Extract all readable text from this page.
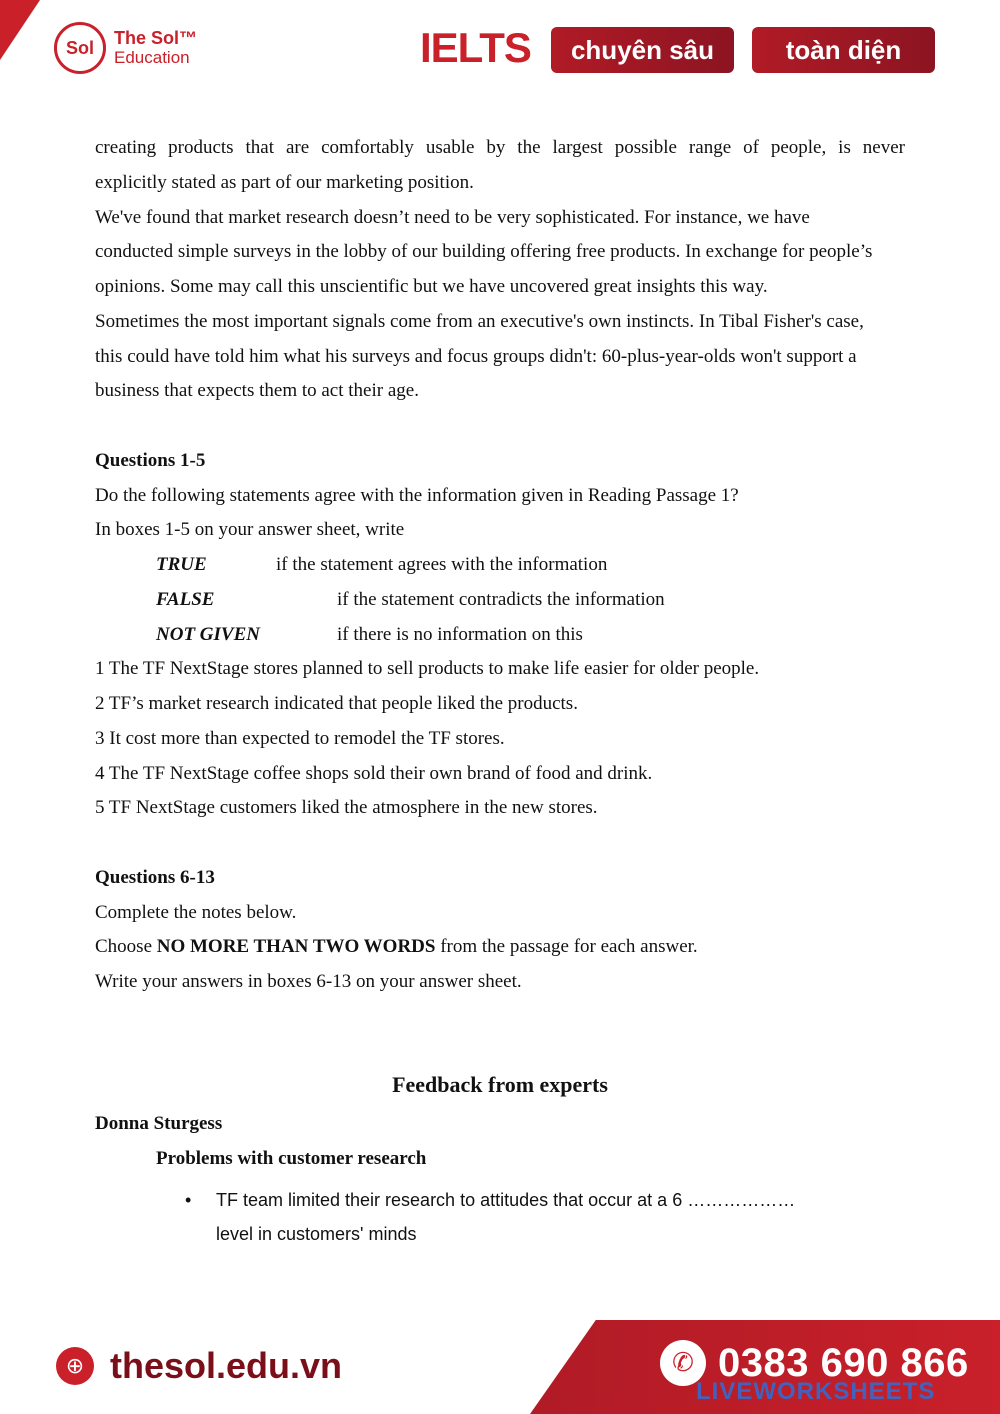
Sol	The Sol™
Education	IELTS	chuyên sâu	toàn diện

creating products that are comfortably usable by the largest possible range of people, is never

explicitly stated as part of our marketing position.

We've found that market research doesn’t need to be very sophisticated. For instance, we have conducted simple surveys in the lobby of our building offering free products. In exchange for people’s opinions. Some may call this unscientific but we have uncovered great insights this way.

Sometimes the most important signals come from an executive's own instincts. In Tibal Fisher's case, this could have told him what his surveys and focus groups didn't: 60-plus-year-olds won't support a business that expects them to act their age.

Questions 1-5

Do the following statements agree with the information given in Reading Passage 1?

In boxes 1-5 on your answer sheet, write

TRUE	if the statement agrees with the information
FALSE	if the statement contradicts the information
NOT GIVEN	if there is no information on this

1 The TF NextStage stores planned to sell products to make life easier for older people.

2 TF’s market research indicated that people liked the products.

3 It cost more than expected to remodel the TF stores.

4 The TF NextStage coffee shops sold their own brand of food and drink.

5 TF NextStage customers liked the atmosphere in the new stores.

Questions 6-13

Complete the notes below.

Choose NO MORE THAN TWO WORDS from the passage for each answer.

Write your answers in boxes 6-13 on your answer sheet.

Feedback from experts
Donna Sturgess
Problems with customer research
• TF team limited their research to attitudes that occur at a 6 ………………
level in customers' minds
⊕ thesol.edu.vn	✆ 0383 690 866
LIVEWORKSHEETS
